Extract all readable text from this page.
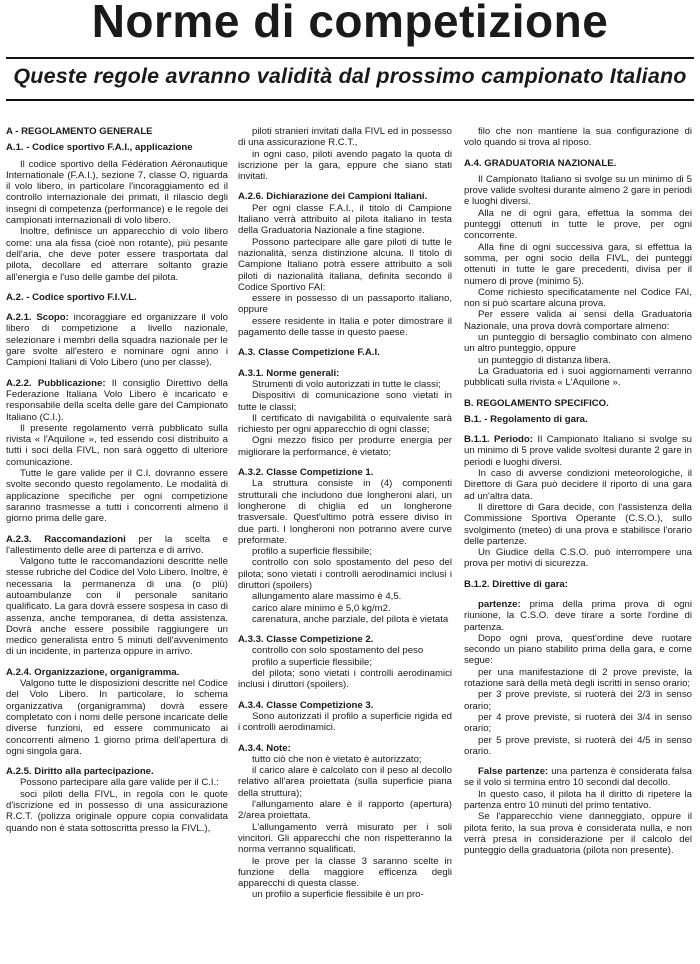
Norme di competizione
Queste regole avranno validità dal prossimo campionato Italiano

A - REGOLAMENTO GENERALE

A.1. - Codice sportivo F.A.I., applicazione

Il codice sportivo della Fédération Aéronautique Internationale (F.A.I.), sezione 7, classe O, riguarda il volo libero, in particolare l'incoraggiamento ed il controllo internazionale dei primati, il rilascio degli insegni di competenza (performance) e le regole dei campionati internazionali di volo libero.

Inoltre, definisce un apparecchio di volo libero come: una ala fissa (cioè non rotante), più pesante dell'aria, che deve poter essere trasportata dal pilota, decollare ed atterrare soltanto grazie all'energia e l'uso delle gambe del pilota.

A.2. - Codice sportivo F.I.V.L.

A.2.1. Scopo: incoraggiare ed organizzare il volo libero di competizione a livello nazionale, selezionare i membri della squadra nazionale per le gare svolte all'estero e nominare ogni anno i Campioni Italiani di Volo Libero (uno per classe).

A.2.2. Pubblicazione: Il consiglio Direttivo della Federazione Italiana Volo Libero è incaricato e responsabile della scelta delle gare del Campionato Italiano (C.I.).

Il presente regolamento verrà pubblicato sulla rivista « l'Aquilone », ted essendo cosi distribuito a tutti i soci della FIVL, non sarà oggetto di ulteriore comunicazione.

Tutte le gare valide per il C.I. dovranno essere svolte secondo questo regolamento. Le modalità di applicazione specifiche per ogni competizione saranno trasmesse a tutti i concorrenti almeno il giorno prima delle gare.

A.2.3. Raccomandazioni per la scelta e l'allestimento delle aree di partenza e di arrivo.

Valgono tutte le raccomandazioni descritte nelle stesse rubriche del Codice del Volo Libero. Inoltre, è necessaria la permanenza di una (o più) autoambulanze con il personale sanitario qualificato. La gara dovrà essere sospesa in caso di assenza, anche temporanea, di detta assistenza. Dovrà anche essere possibile raggiungere un medico generalista entro 5 minuti dell'avvenimento di un incidente, in partenza oppure in arrivo.

A.2.4. Organizzazione, organigramma.

Valgono tutte le disposizioni descritte nel Codice del Volo Libero. In particolare, lo schema organizzativa (organigramma) dovrà essere completato con i nomi delle persone incaricate delle diverse funzioni, ed essere communicato ai concorrenti almeno 1 giorno prima dell'apertura di ogni singola gara.

A.2.5. Diritto alla partecipazione.

Possono partecipare alla gare valide per il C.I.:

soci piloti della FIVL, in regola con le quote d'iscrizione ed in possesso di una assicurazione R.C.T. (polizza originale oppure copia convalidata quando non è stata sottoscritta presso la FIVL.),

piloti stranieri invitati dalla FIVL ed in possesso di una assicurazione R.C.T.,

in ogni caso, piloti avendo pagato la quota di iscrizione per la gara, eppure che siano stati invitati.

A.2.6. Dichiarazione dei Campioni Italiani.

Per ogni classe F.A.I., il titolo di Campione Italiano verrà attribuito al pilota italiano in testa della Graduatoria Nazionale a fine stagione.

Possono partecipare alle gare piloti di tutte le nazionalità, senza distinzione alcuna. Il titolo di Campione Italiano potrà essere attribuito a soli piloti di nazionalità italiana, definita secondo il Codice Sportivo FAI:

essere in possesso di un passaporto italiano, oppure

essere residente in Italia e poter dimostrare il pagamento delle tasse in questo paese.

A.3. Classe Competizione F.A.I.

A.3.1. Norme generali:

Strumenti di volo autorizzati in tutte le classi;

Dispositivi di comunicazione sono vietati in tutte le classi;

Il certificato di navigabilità o equivalente sarà richiesto per ogni apparecchio di ogni classe;

Ogni mezzo fisico per produrre energia per migliorare la performance, è vietato;

A.3.2. Classe Competizione 1.

La struttura consiste in (4) componenti strutturali che includono due longheroni alari, un longherone di chiglia ed un longherone trasversale. Quest'ultimo potrà essere diviso in due parti. I longheroni non potranno avere curve preformate.

profilo a superficie flessibile;

controllo con solo spostamento del peso del pilota; sono vietati i controlli aerodinamici inclusi i diruttori (spoilers)

allungamento alare massimo è 4,5.

carico alare minimo è 5,0 kg/m2.

carenatura, anche parziale, del pilota è vietata

A.3.3. Classe Competizione 2.

controllo con solo spostamento del peso

profilo a superficie flessibile;

del pilota; sono vietati i controlli aerodinamici inclusi i diruttori (spoilers).

A.3.4. Classe Competizione 3.

Sono autorizzati il profilo a superficie rigida ed i controlli aerodinamici.

A.3.4. Note:

tutto ciò che non è vietato è autorizzato;

il carico alare è calcolato con il peso al decollo relativo all'area proiettata (sulla superficie piana della struttura);

l'allungamento alare è il rapporto (apertura) 2/area proiettata.

L'allungamento verrà misurato per i soli vincitori. Gli apparecchi che non rispetteranno la norma verranno squalificati.

le prove per la classe 3 saranno scelte in funzione della maggiore efficenza degli apparecchi di questa classe.

un profilo a superficie flessibile è un pro-

filo che non mantiene la sua configurazione di volo quando si trova al riposo.

A.4. GRADUATORIA NAZIONALE.

Il Campionato Italiano si svolge su un minimo di 5 prove valide svoltesi durante almeno 2 gare in periodi e luoghi diversi.

Alla ne di ogni gara, effettua la somma dei punteggi ottenuti in tutte le prove, per ogni concorrente.

Alla fine di ogni successiva gara, si effettua la somma, per ogni socio della FIVL, dei punteggi ottenuti in tutte le gare precedenti, divisa per il numero di prove (minimo 5).

Come richiesto specificatamente nel Codice FAI, non si può scartare alcuna prova.

Per essere valida ai sensi della Graduatoria Nazionale, una prova dovrà comportare almeno:

un punteggio di bersaglio combinato con almeno un altro punteggio, oppure

un punteggio di distanza libera.

La Graduatoria ed i suoi aggiornamenti verranno pubblicati sulla rivista « L'Aquilone ».

B. REGOLAMENTO SPECIFICO.

B.1. - Regolamento di gara.

B.1.1. Periodo: Il Campionato Italiano si svolge su un minimo di 5 prove valide svoltesi durante 2 gare in periodi e luoghi diversi.

In caso di avverse condizioni meteorologiche, il Direttore di Gara può decidere il riporto di una gara ad un'altra data.

Il direttore di Gara decide, con l'assistenza della Commissione Sportiva Operante (C.S.O.), sullo svolgimento (meteo) di una prova e stabilisce l'orario delle partenze.

Un Giudice della C.S.O. può interrompere una prova per motivi di sicurezza.

B.1.2. Direttive di gara:

partenze: prima della prima prova di ogni riunione, la C.S.O. deve tirare a sorte l'ordine di partenza.

Dopo ogni prova, quest'ordine deve ruotare secondo un piano stabilito prima della gara, e come segue:

per una manifestazione di 2 prove previste, la rotazione sarà della metà degli iscritti in senso orario;

per 3 prove previste, si ruoterà dei 2/3 in senso orario;

per 4 prove previste, si ruoterà dei 3/4 in senso orario;

per 5 prove previste, si ruoterà dei 4/5 in senso orario.

False partenze: una partenza è considerata falsa se il volo si termina entro 10 secondi dal decollo.

In questo caso, il pilota ha il diritto di ripetere la partenza entro 10 minuti del primo tentativo.

Se l'apparecchio viene danneggiato, oppure il pilota ferito, la sua prova è considerata nulla, e non verrà presa in considerazione per il calcolo del punteggio della graduatoria (pilota non presente).
